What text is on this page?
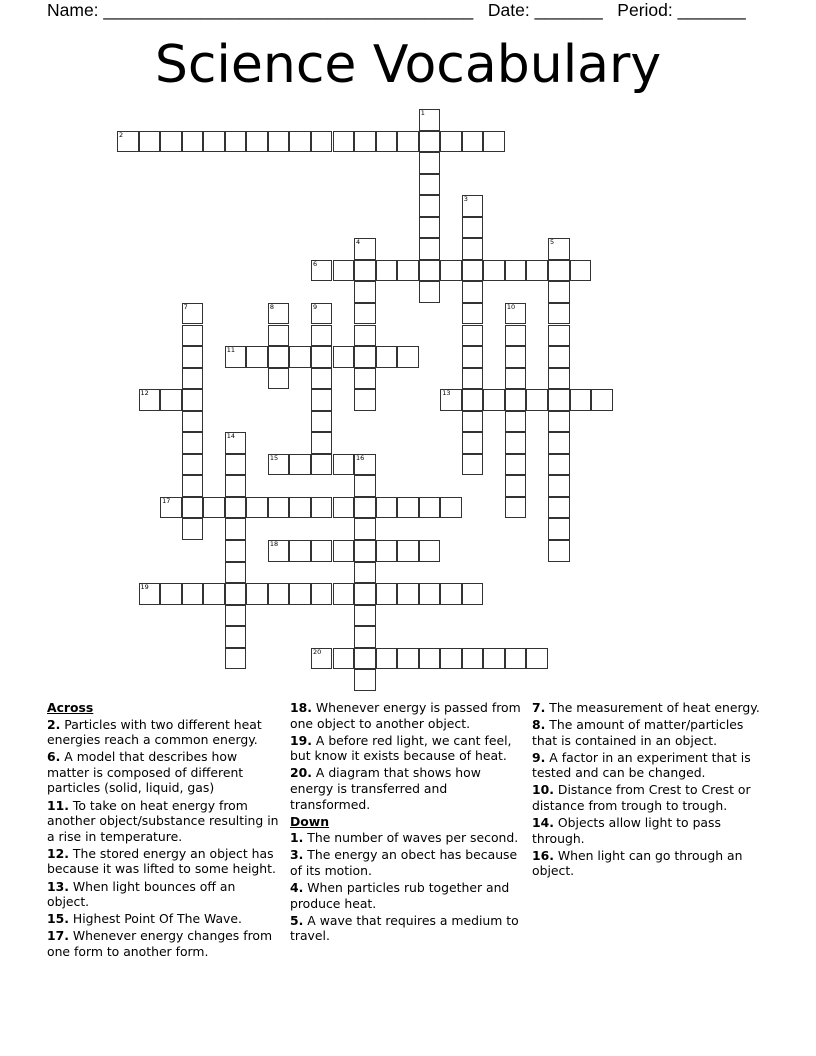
Name: ______________________________________ Date: _______ Period: _______
Science Vocabulary
1
2
3
4	5
6
7	8	9	10
11
12	13
14
15	16
17
18
19
20
Across
2. Particles with two different heat energies reach a common energy.
6. A model that describes how matter is composed of different particles (solid, liquid, gas)
11. To take on heat energy from another object/substance resulting in a rise in temperature.
12. The stored energy an object has because it was lifted to some height.
13. When light bounces off an object.
15. Highest Point Of The Wave.
17. Whenever energy changes from one form to another form.
18. Whenever energy is passed from one object to another object.
19. A before red light, we cant feel, but know it exists because of heat.
20. A diagram that shows how energy is transferred and transformed.
Down
1. The number of waves per second.
3. The energy an obect has because of its motion.
4. When particles rub together and produce heat.
5. A wave that requires a medium to travel.
7. The measurement of heat energy.
8. The amount of matter/particles that is contained in an object.
9. A factor in an experiment that is tested and can be changed.
10. Distance from Crest to Crest or distance from trough to trough.
14. Objects allow light to pass through.
16. When light can go through an object.
